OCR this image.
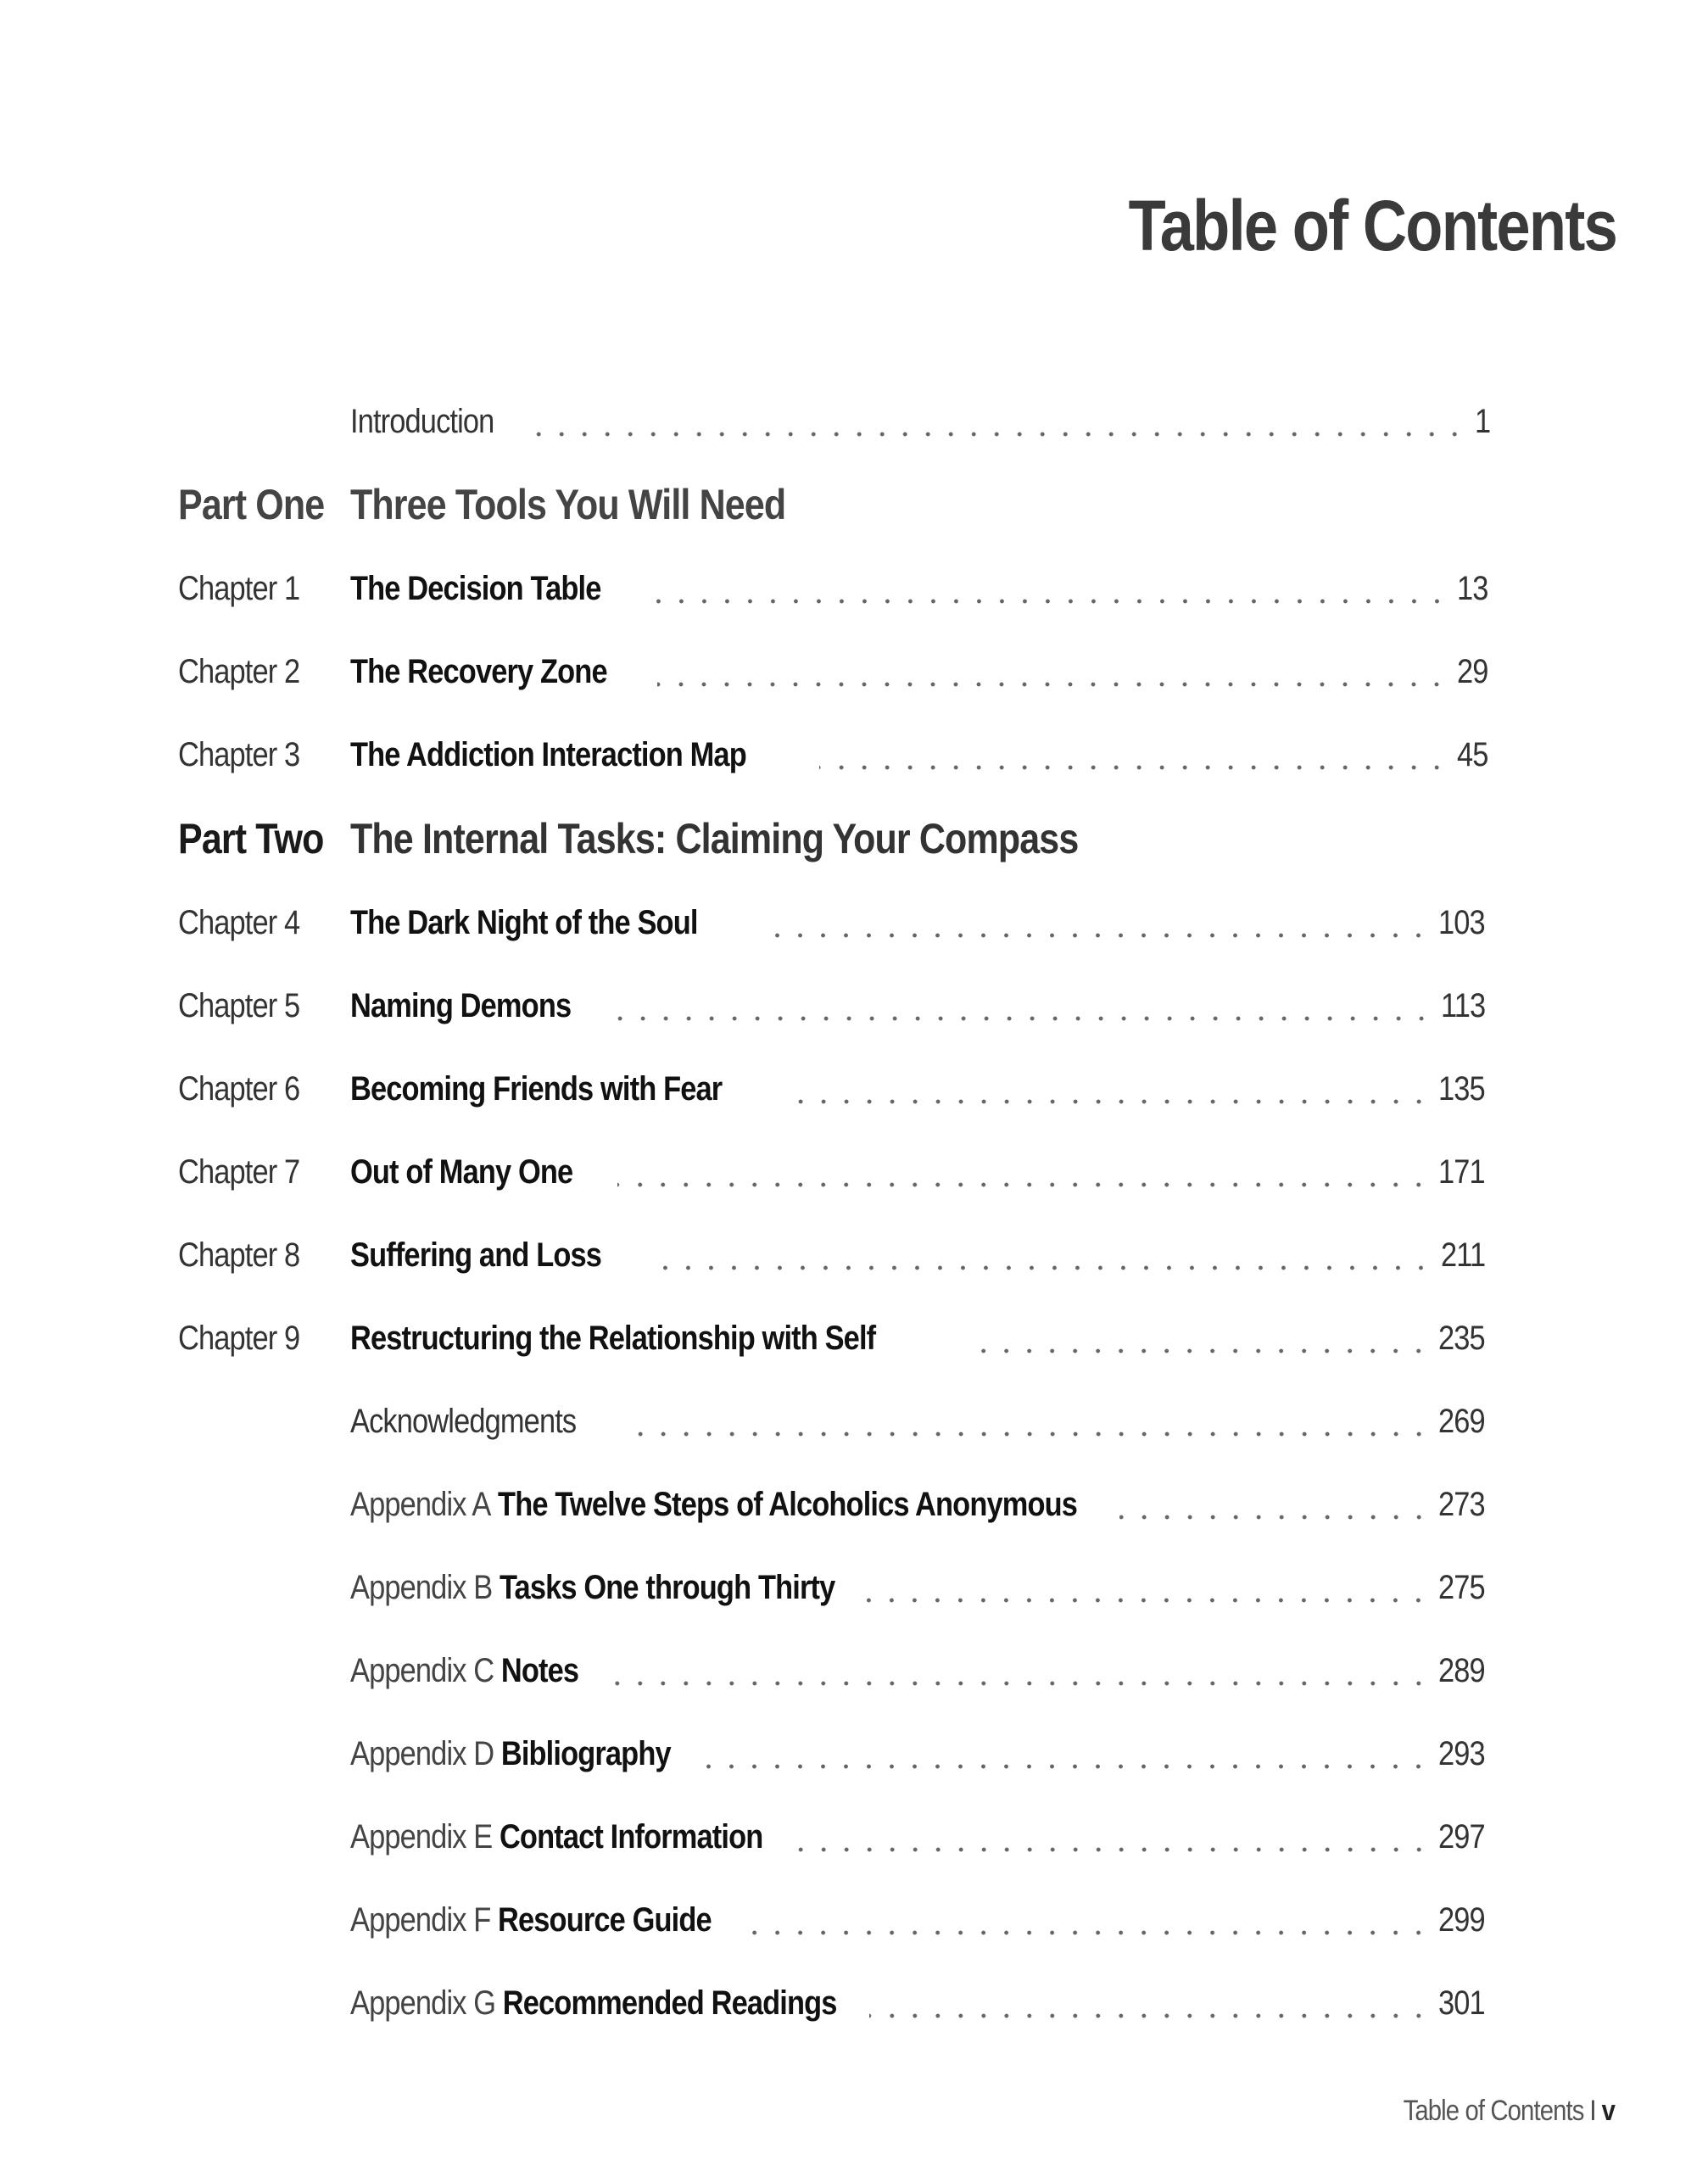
Table of Contents
Introduction	1
Part One Three Tools You Will Need
Chapter 1	The Decision Table	13
Chapter 2	The Recovery Zone	29
Chapter 3	The Addiction Interaction Map	45
Part Two The Internal Tasks: Claiming Your Compass
Chapter 4	The Dark Night of the Soul	103
Chapter 5	Naming Demons	113
Chapter 6	Becoming Friends with Fear	135
Chapter 7	Out of Many One	171
Chapter 8	Suffering and Loss	211
Chapter 9	Restructuring the Relationship with Self	235
Acknowledgments	269
Appendix A The Twelve Steps of Alcoholics Anonymous	273
Appendix B Tasks One through Thirty	275
Appendix C Notes	289
Appendix D Bibliography	293
Appendix E Contact Information	297
Appendix F Resource Guide	299
Appendix G Recommended Readings	301
Table of Contents I v
